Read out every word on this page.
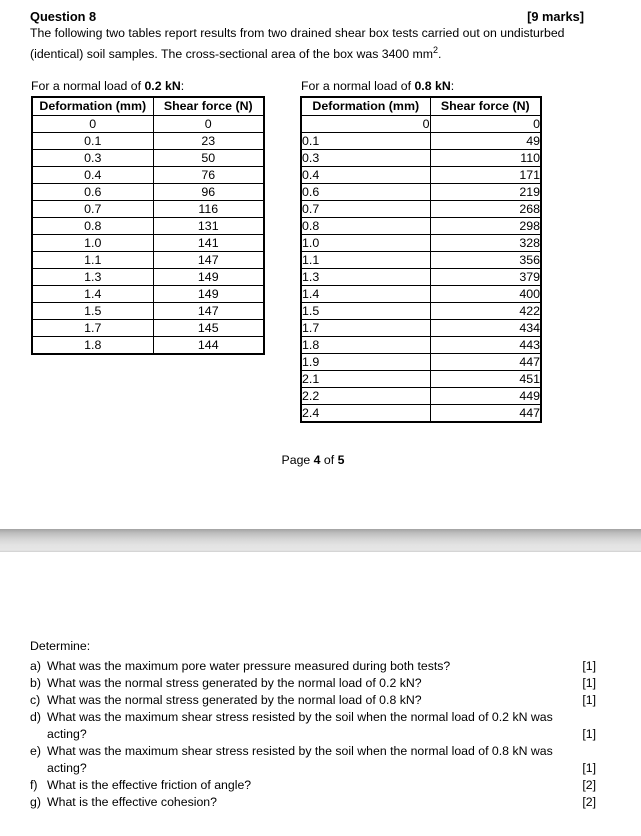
Question 8	[9 marks]
The following two tables report results from two drained shear box tests carried out on undisturbed
(identical) soil samples. The cross-sectional area of the box was 3400 $mm^2$.
For a normal load of 0.2 kN:	For a normal load of 0.8 kN:
Deformation (mm)	Shear force (N)
0	0
0.1	23
0.3	50
0.4	76
0.6	96
0.7	116
0.8	131
1.0	141
1.1	147
1.3	149
1.4	149
1.5	147
1.7	145
1.8	144
Deformation (mm)	Shear force (N)
0	0
0.1	49
0.3	110
0.4	171
0.6	219
0.7	268
0.8	298
1.0	328
1.1	356
1.3	379
1.4	400
1.5	422
1.7	434
1.8	443
1.9	447
2.1	451
2.2	449
2.4	447
Page 4 of 5
Determine:
a) What was the maximum pore water pressure measured during both tests?	[1]
b) What was the normal stress generated by the normal load of 0.2 kN?	[1]
c) What was the normal stress generated by the normal load of 0.8 kN?	[1]
d) What was the maximum shear stress resisted by the soil when the normal load of 0.2 kN was
acting?	[1]
e) What was the maximum shear stress resisted by the soil when the normal load of 0.8 kN was
acting?	[1]
f) What is the effective friction of angle?	[2]
g) What is the effective cohesion?	[2]
